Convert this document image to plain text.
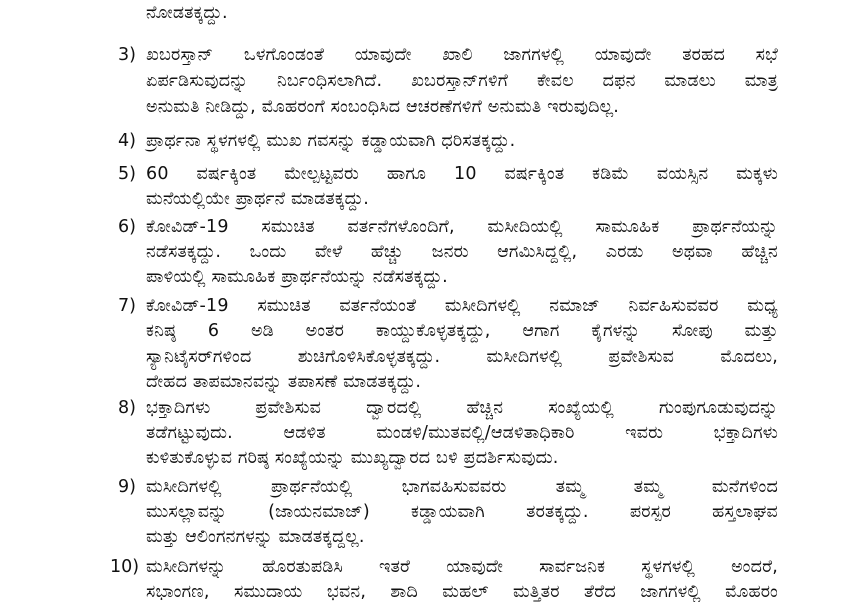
ನೋಡತಕ್ಕದ್ದು.
3) ಖಬರಸ್ತಾನ್ ಒಳಗೊಂಡಂತೆ ಯಾವುದೇ ಖಾಲಿ ಜಾಗಗಳಲ್ಲಿ ಯಾವುದೇ ತರಹದ ಸಭೆ
ಏರ್ಪಡಿಸುವುದನ್ನು ನಿರ್ಬಂಧಿಸಲಾಗಿದೆ. ಖಬರಸ್ತಾನ್‌ಗಳಿಗೆ ಕೇವಲ ದಫನ ಮಾಡಲು ಮಾತ್ರ
ಅನುಮತಿ ನೀಡಿದ್ದು, ಮೊಹರಂಗೆ ಸಂಬಂಧಿಸಿದ ಆಚರಣೆಗಳಿಗೆ ಅನುಮತಿ ಇರುವುದಿಲ್ಲ.
4) ಪ್ರಾರ್ಥನಾ ಸ್ಥಳಗಳಲ್ಲಿ ಮುಖ ಗವಸನ್ನು ಕಡ್ಡಾಯವಾಗಿ ಧರಿಸತಕ್ಕದ್ದು.
5) 60 ವರ್ಷಕ್ಕಿಂತ ಮೇಲ್ಪಟ್ಟವರು ಹಾಗೂ 10 ವರ್ಷಕ್ಕಿಂತ ಕಡಿಮೆ ವಯಸ್ಸಿನ ಮಕ್ಕಳು
ಮನೆಯಲ್ಲಿಯೇ ಪ್ರಾರ್ಥನೆ ಮಾಡತಕ್ಕದ್ದು.
6) ಕೋವಿಡ್-19 ಸಮುಚಿತ ವರ್ತನೆಗಳೊಂದಿಗೆ, ಮಸೀದಿಯಲ್ಲಿ ಸಾಮೂಹಿಕ ಪ್ರಾರ್ಥನೆಯನ್ನು
ನಡೆಸತಕ್ಕದ್ದು. ಒಂದು ವೇಳೆ ಹೆಚ್ಚು ಜನರು ಆಗಮಿಸಿದ್ದಲ್ಲಿ, ಎರಡು ಅಥವಾ ಹೆಚ್ಚಿನ
ಪಾಳಿಯಲ್ಲಿ ಸಾಮೂಹಿಕ ಪ್ರಾರ್ಥನೆಯನ್ನು ನಡೆಸತಕ್ಕದ್ದು.
7) ಕೋವಿಡ್-19 ಸಮುಚಿತ ವರ್ತನೆಯಂತೆ ಮಸೀದಿಗಳಲ್ಲಿ ನಮಾಜ್ ನಿರ್ವಹಿಸುವವರ ಮಧ್ಯ
ಕನಿಷ್ಠ 6 ಅಡಿ ಅಂತರ ಕಾಯ್ದುಕೊಳ್ಳತಕ್ಕದ್ದು, ಆಗಾಗ ಕೈಗಳನ್ನು ಸೋಪು ಮತ್ತು
ಸ್ಯಾನಿಟೈಸರ್‌ಗಳಿಂದ ಶುಚಿಗೊಳಿಸಿಕೊಳ್ಳತಕ್ಕದ್ದು. ಮಸೀದಿಗಳಲ್ಲಿ ಪ್ರವೇಶಿಸುವ ಮೊದಲು,
ದೇಹದ ತಾಪಮಾನವನ್ನು ತಪಾಸಣೆ ಮಾಡತಕ್ಕದ್ದು.
8) ಭಕ್ತಾದಿಗಳು ಪ್ರವೇಶಿಸುವ ದ್ವಾರದಲ್ಲಿ ಹೆಚ್ಚಿನ ಸಂಖ್ಯೆಯಲ್ಲಿ ಗುಂಪುಗೂಡುವುದನ್ನು
ತಡೆಗಟ್ಟುವುದು. ಆಡಳಿತ ಮಂಡಳಿ/ಮುತವಲ್ಲಿ/ಆಡಳಿತಾಧಿಕಾರಿ ಇವರು ಭಕ್ತಾದಿಗಳು
ಕುಳಿತುಕೊಳ್ಳುವ ಗರಿಷ್ಠ ಸಂಖ್ಯೆಯನ್ನು ಮುಖ್ಯದ್ವಾರದ ಬಳಿ ಪ್ರದರ್ಶಿಸುವುದು.
9) ಮಸೀದಿಗಳಲ್ಲಿ ಪ್ರಾರ್ಥನೆಯಲ್ಲಿ ಭಾಗವಹಿಸುವವರು ತಮ್ಮ ತಮ್ಮ ಮನೆಗಳಿಂದ
ಮುಸಲ್ಲಾವನ್ನು (ಜಾಯನಮಾಜ್) ಕಡ್ಡಾಯವಾಗಿ ತರತಕ್ಕದ್ದು. ಪರಸ್ಪರ ಹಸ್ತಲಾಘವ
ಮತ್ತು ಆಲಿಂಗನಗಳನ್ನು ಮಾಡತಕ್ಕದ್ದಲ್ಲ.
10) ಮಸೀದಿಗಳನ್ನು ಹೊರತುಪಡಿಸಿ ಇತರೆ ಯಾವುದೇ ಸಾರ್ವಜನಿಕ ಸ್ಥಳಗಳಲ್ಲಿ ಅಂದರೆ,
ಸಭಾಂಗಣ, ಸಮುದಾಯ ಭವನ, ಶಾದಿ ಮಹಲ್ ಮತ್ತಿತರ ತೆರೆದ ಜಾಗಗಳಲ್ಲಿ ಮೊಹರಂ
